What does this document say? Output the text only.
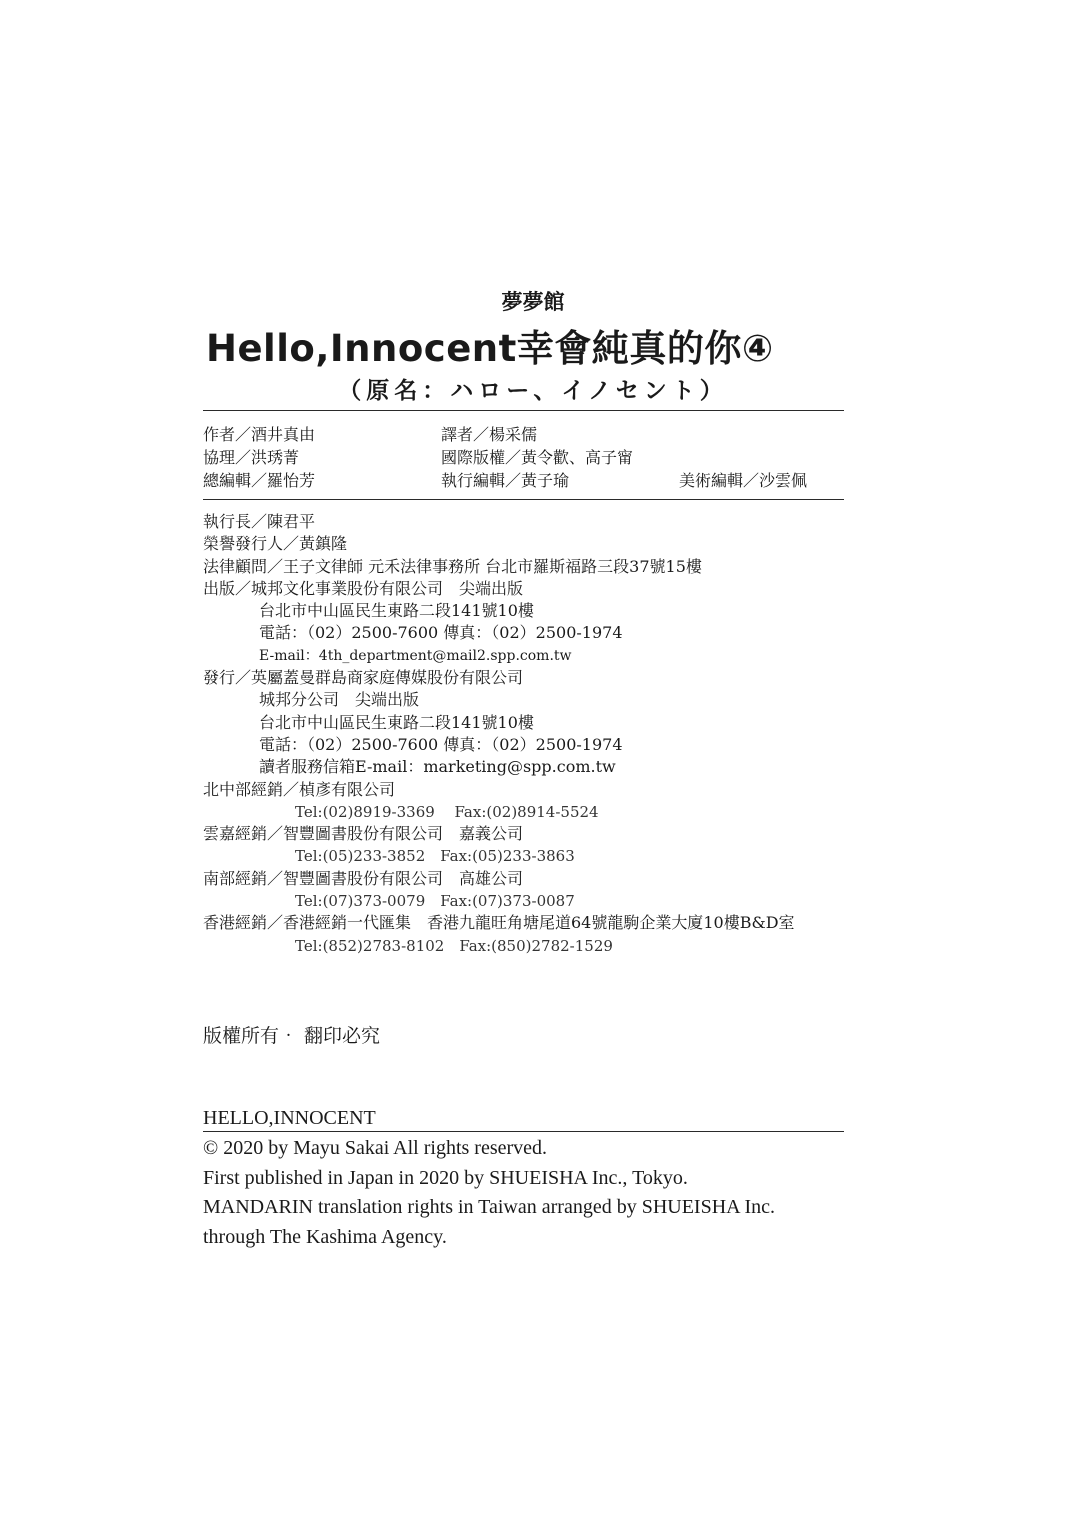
夢夢館
Hello,Innocent幸會純真的你④
（原名：ハロー、イノセント）
作者／酒井真由	譯者／楊采儒
協理／洪琇菁	國際版權／黃令歡、高子甯
總編輯／羅怡芳	執行編輯／黃子瑜	美術編輯／沙雲佩
執行長／陳君平
榮譽發行人／黃鎮隆
法律顧問／王子文律師 元禾法律事務所 台北市羅斯福路三段37號15樓
出版／城邦文化事業股份有限公司　尖端出版
台北市中山區民生東路二段141號10樓
電話：（02）2500-7600 傳真：（02）2500-1974
E-mail：4th_department@mail2.spp.com.tw
發行／英屬蓋曼群島商家庭傳媒股份有限公司
城邦分公司　尖端出版
台北市中山區民生東路二段141號10樓
電話：（02）2500-7600 傳真：（02）2500-1974
讀者服務信箱E-mail：marketing@spp.com.tw
北中部經銷／楨彥有限公司
Tel:(02)8919-3369　 Fax:(02)8914-5524
雲嘉經銷／智豐圖書股份有限公司　嘉義公司
Tel:(05)233-3852　Fax:(05)233-3863
南部經銷／智豐圖書股份有限公司　高雄公司
Tel:(07)373-0079　Fax:(07)373-0087
香港經銷／香港經銷一代匯集　香港九龍旺角塘尾道64號龍駒企業大廈10樓B&D室
Tel:(852)2783-8102　Fax:(850)2782-1529
版權所有‧ 翻印必究
HELLO,INNOCENT
© 2020 by Mayu Sakai All rights reserved.
First published in Japan in 2020 by SHUEISHA Inc., Tokyo.
MANDARIN translation rights in Taiwan arranged by SHUEISHA Inc.
through The Kashima Agency.
